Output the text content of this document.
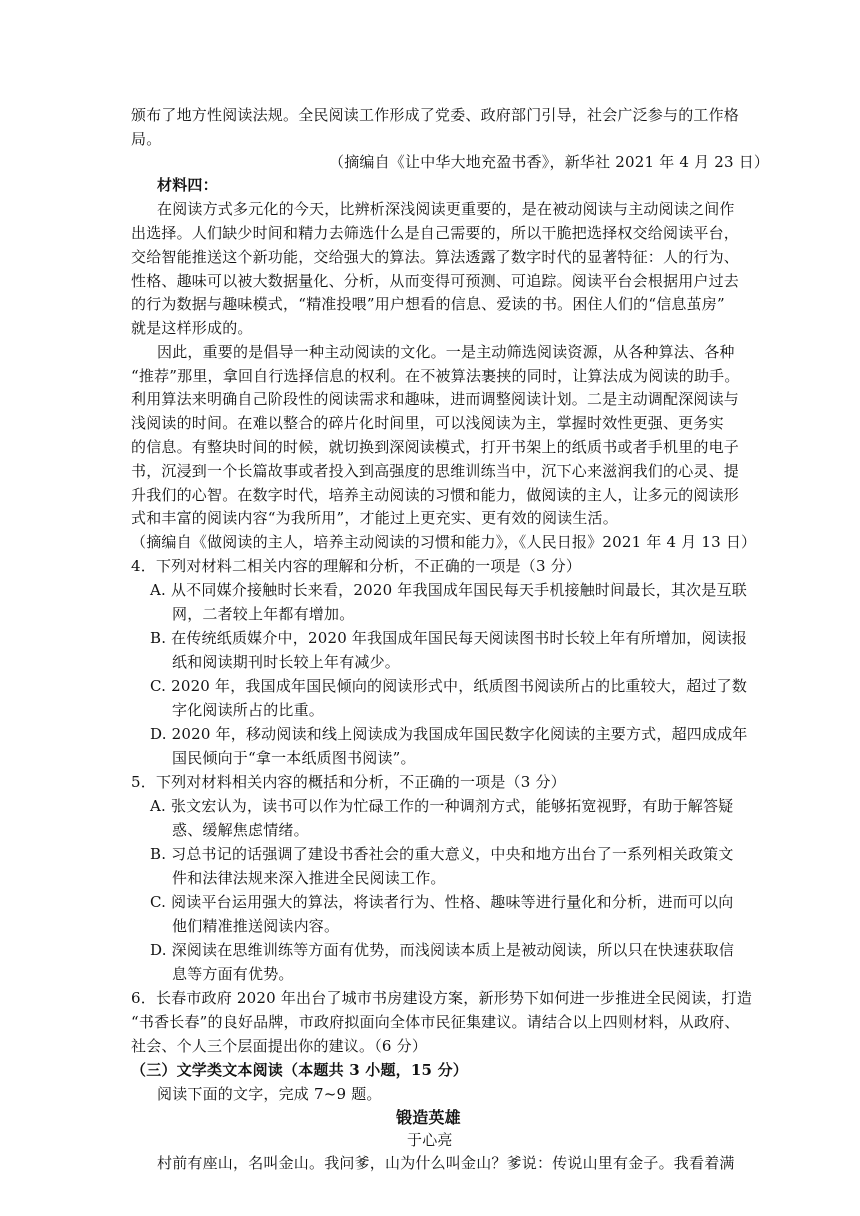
颁布了地方性阅读法规。全民阅读工作形成了党委、政府部门引导，社会广泛参与的工作格
局。
（摘编自《让中华大地充盈书香》，新华社 2021 年 4 月 23 日）
材料四：
在阅读方式多元化的今天，比辨析深浅阅读更重要的，是在被动阅读与主动阅读之间作
出选择。人们缺少时间和精力去筛选什么是自己需要的，所以干脆把选择权交给阅读平台，
交给智能推送这个新功能，交给强大的算法。算法透露了数字时代的显著特征：人的行为、
性格、趣味可以被大数据量化、分析，从而变得可预测、可追踪。阅读平台会根据用户过去
的行为数据与趣味模式，“精准投喂”用户想看的信息、爱读的书。困住人们的“信息茧房”
就是这样形成的。
因此，重要的是倡导一种主动阅读的文化。一是主动筛选阅读资源，从各种算法、各种
“推荐”那里，拿回自行选择信息的权利。在不被算法裹挟的同时，让算法成为阅读的助手。
利用算法来明确自己阶段性的阅读需求和趣味，进而调整阅读计划。二是主动调配深阅读与
浅阅读的时间。在难以整合的碎片化时间里，可以浅阅读为主，掌握时效性更强、更务实
的信息。有整块时间的时候，就切换到深阅读模式，打开书架上的纸质书或者手机里的电子
书，沉浸到一个长篇故事或者投入到高强度的思维训练当中，沉下心来滋润我们的心灵、提
升我们的心智。在数字时代，培养主动阅读的习惯和能力，做阅读的主人，让多元的阅读形
式和丰富的阅读内容“为我所用”，才能过上更充实、更有效的阅读生活。
（摘编自《做阅读的主人，培养主动阅读的习惯和能力》，《人民日报》2021 年 4 月 13 日）
4．下列对材料二相关内容的理解和分析，不正确的一项是（3 分）
A. 从不同媒介接触时长来看，2020 年我国成年国民每天手机接触时间最长，其次是互联
网，二者较上年都有增加。
B. 在传统纸质媒介中，2020 年我国成年国民每天阅读图书时长较上年有所增加，阅读报
纸和阅读期刊时长较上年有减少。
C. 2020 年，我国成年国民倾向的阅读形式中，纸质图书阅读所占的比重较大，超过了数
字化阅读所占的比重。
D. 2020 年，移动阅读和线上阅读成为我国成年国民数字化阅读的主要方式，超四成成年
国民倾向于“拿一本纸质图书阅读”。
5．下列对材料相关内容的概括和分析，不正确的一项是（3 分）
A. 张文宏认为，读书可以作为忙碌工作的一种调剂方式，能够拓宽视野，有助于解答疑
惑、缓解焦虑情绪。
B. 习总书记的话强调了建设书香社会的重大意义，中央和地方出台了一系列相关政策文
件和法律法规来深入推进全民阅读工作。
C. 阅读平台运用强大的算法，将读者行为、性格、趣味等进行量化和分析，进而可以向
他们精准推送阅读内容。
D. 深阅读在思维训练等方面有优势，而浅阅读本质上是被动阅读，所以只在快速获取信
息等方面有优势。
6．长春市政府 2020 年出台了城市书房建设方案，新形势下如何进一步推进全民阅读，打造
“书香长春”的良好品牌，市政府拟面向全体市民征集建议。请结合以上四则材料，从政府、
社会、个人三个层面提出你的建议。（6 分）
（三）文学类文本阅读（本题共 3 小题，15 分）
阅读下面的文字，完成 7~9 题。
锻造英雄
于心亮
村前有座山，名叫金山。我问爹，山为什么叫金山？爹说：传说山里有金子。我看着满
